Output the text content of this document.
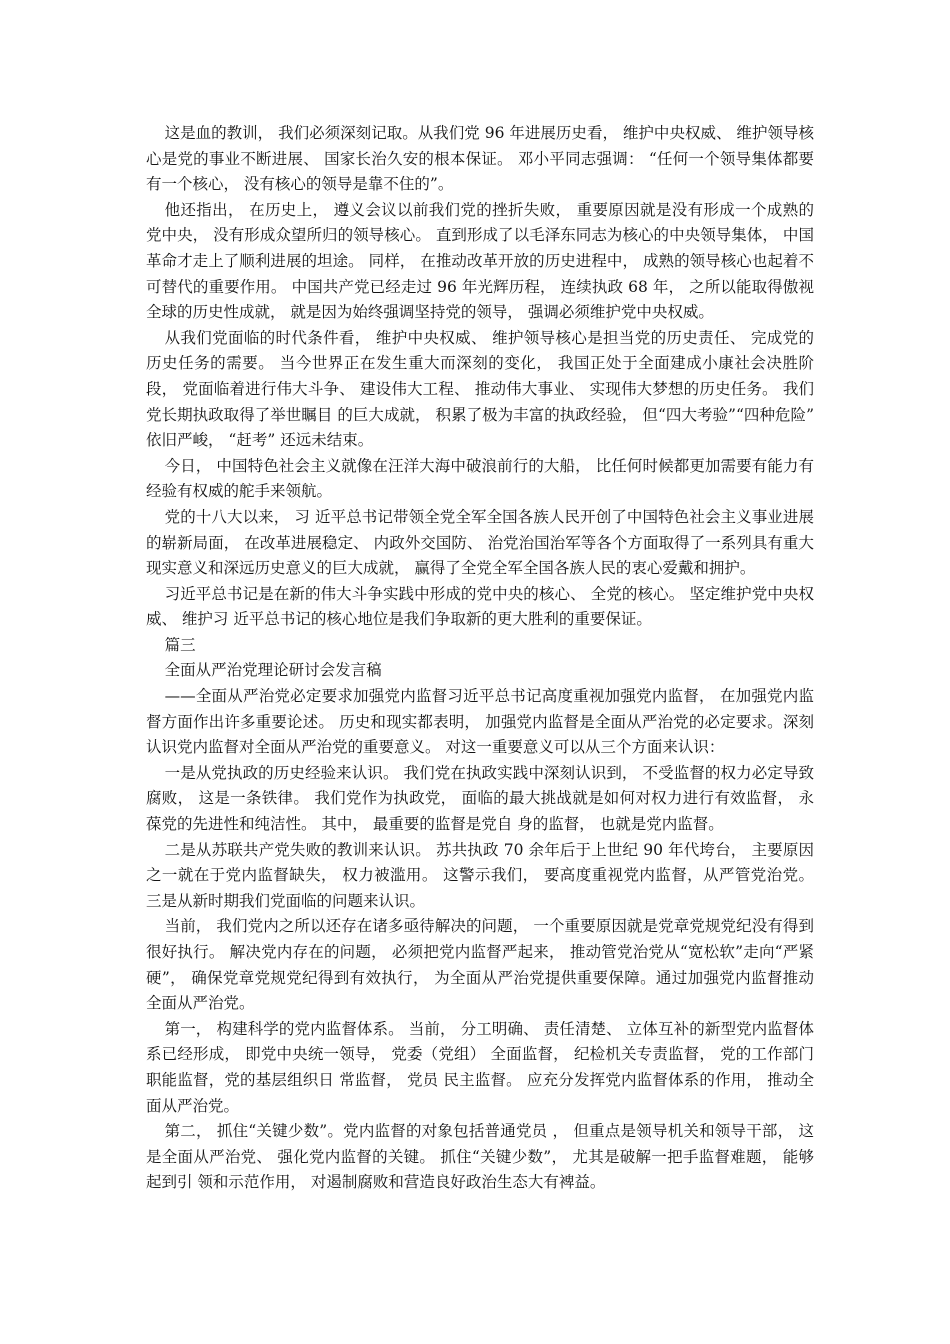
这是血的教训， 我们必须深刻记取。从我们党 96 年进展历史看， 维护中央权威、 维护领导核心是党的事业不断进展、 国家长治久安的根本保证。 邓小平同志强调： “任何一个领导集体都要有一个核心， 没有核心的领导是靠不住的”。

他还指出， 在历史上， 遵义会议以前我们党的挫折失败， 重要原因就是没有形成一个成熟的党中央， 没有形成众望所归的领导核心。 直到形成了以毛泽东同志为核心的中央领导集体， 中国革命才走上了顺利进展的坦途。 同样， 在推动改革开放的历史进程中， 成熟的领导核心也起着不可替代的重要作用。 中国共产党已经走过 96 年光辉历程， 连续执政 68 年， 之所以能取得傲视全球的历史性成就， 就是因为始终强调坚持党的领导， 强调必须维护党中央权威。

从我们党面临的时代条件看， 维护中央权威、 维护领导核心是担当党的历史责任、 完成党的历史任务的需要。 当今世界正在发生重大而深刻的变化， 我国正处于全面建成小康社会决胜阶段， 党面临着进行伟大斗争、 建设伟大工程、 推动伟大事业、 实现伟大梦想的历史任务。 我们党长期执政取得了举世瞩目 的巨大成就， 积累了极为丰富的执政经验， 但“四大考验”“四种危险” 依旧严峻， “赶考” 还远未结束。

今日， 中国特色社会主义就像在汪洋大海中破浪前行的大船， 比任何时候都更加需要有能力有经验有权威的舵手来领航。

党的十八大以来， 习 近平总书记带领全党全军全国各族人民开创了中国特色社会主义事业进展的崭新局面， 在改革进展稳定、 内政外交国防、 治党治国治军等各个方面取得了一系列具有重大现实意义和深远历史意义的巨大成就， 赢得了全党全军全国各族人民的衷心爱戴和拥护。

习近平总书记是在新的伟大斗争实践中形成的党中央的核心、 全党的核心。 坚定维护党中央权威、 维护习 近平总书记的核心地位是我们争取新的更大胜利的重要保证。

篇三

全面从严治党理论研讨会发言稿

——全面从严治党必定要求加强党内监督习近平总书记高度重视加强党内监督， 在加强党内监督方面作出许多重要论述。 历史和现实都表明， 加强党内监督是全面从严治党的必定要求。深刻认识党内监督对全面从严治党的重要意义。 对这一重要意义可以从三个方面来认识：

一是从党执政的历史经验来认识。 我们党在执政实践中深刻认识到， 不受监督的权力必定导致腐败， 这是一条铁律。 我们党作为执政党， 面临的最大挑战就是如何对权力进行有效监督， 永葆党的先进性和纯洁性。 其中， 最重要的监督是党自 身的监督， 也就是党内监督。

二是从苏联共产党失败的教训来认识。 苏共执政 70 余年后于上世纪 90 年代垮台， 主要原因之一就在于党内监督缺失， 权力被滥用。 这警示我们， 要高度重视党内监督，从严管党治党。 三是从新时期我们党面临的问题来认识。

当前， 我们党内之所以还存在诸多亟待解决的问题， 一个重要原因就是党章党规党纪没有得到很好执行。 解决党内存在的问题， 必须把党内监督严起来， 推动管党治党从“宽松软”走向“严紧硬”， 确保党章党规党纪得到有效执行， 为全面从严治党提供重要保障。通过加强党内监督推动全面从严治党。

第一， 构建科学的党内监督体系。 当前， 分工明确、 责任清楚、 立体互补的新型党内监督体系已经形成， 即党中央统一领导， 党委（党组） 全面监督， 纪检机关专责监督， 党的工作部门职能监督，党的基层组织日 常监督， 党员 民主监督。 应充分发挥党内监督体系的作用， 推动全面从严治党。

第二， 抓住“关键少数”。党内监督的对象包括普通党员 ， 但重点是领导机关和领导干部， 这是全面从严治党、 强化党内监督的关键。 抓住“关键少数”， 尤其是破解一把手监督难题， 能够起到引 领和示范作用， 对遏制腐败和营造良好政治生态大有裨益。
